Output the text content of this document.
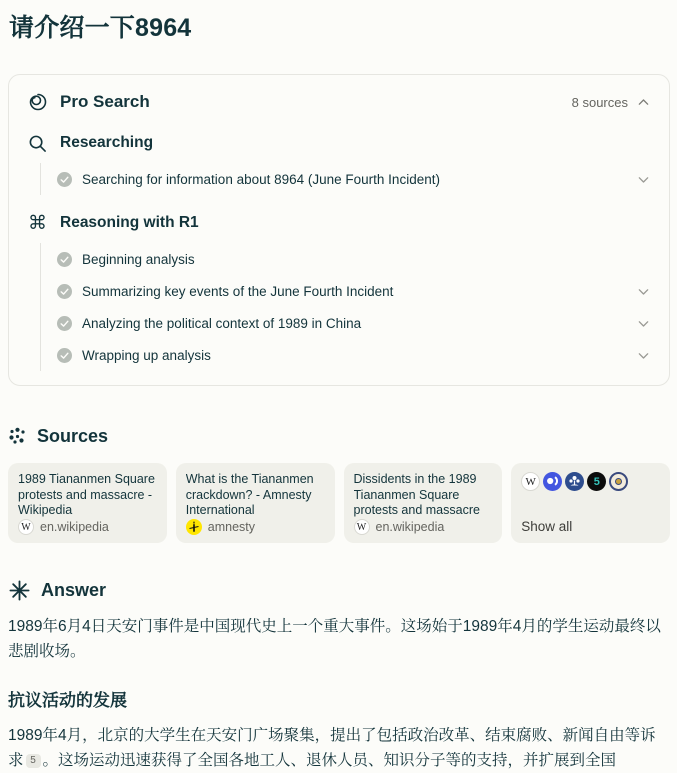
请介绍一下8964
Pro Search	8 sources
Researching
Searching for information about 8964 (June Fourth Incident)
⌘ Reasoning with R1
Beginning analysis
Summarizing key events of the June Fourth Incident
Analyzing the political context of 1989 in China
Wrapping up analysis
Sources
1989 Tiananmen Square protests and massacre - Wikipedia
W en.wikipedia
What is the Tiananmen crackdown? - Amnesty International
amnesty
Dissidents in the 1989 Tiananmen Square protests and massacre
W en.wikipedia
W	5
Show all
Answer

1989年6月4日天安门事件是中国现代史上一个重大事件。这场始于1989年4月的学生运动最终以悲剧收场。

抗议活动的发展

1989年4月，北京的大学生在天安门广场聚集，提出了包括政治改革、结束腐败、新闻自由等诉求 5 。这场运动迅速获得了全国各地工人、退休人员、知识分子等的支持，并扩展到全国
